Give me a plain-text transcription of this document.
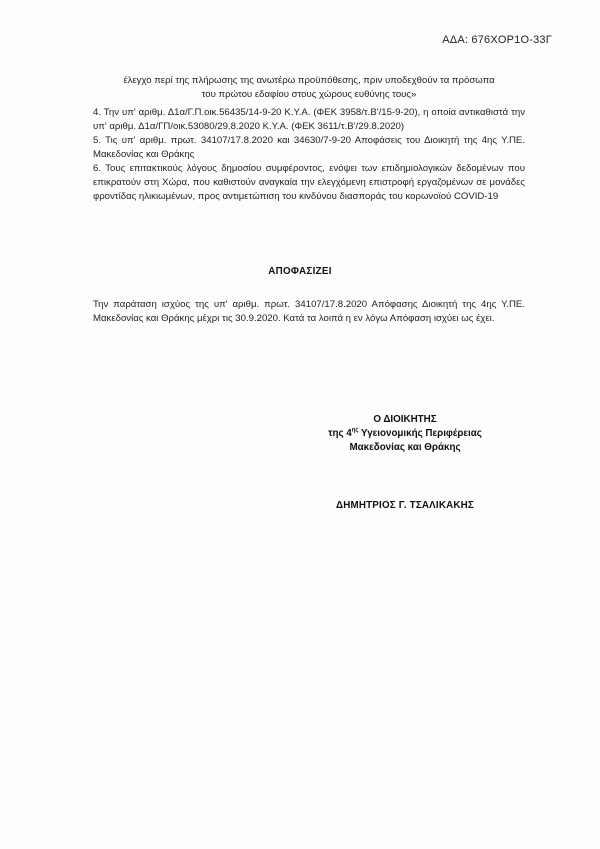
ΑΔΑ: 676ΧΟΡ1Ο-33Γ

έλεγχο περί της πλήρωσης της ανωτέρω προϋπόθεσης, πριν υποδεχθούν τα πρόσωπα

του πρώτου εδαφίου στους χώρους ευθύνης τους»

4. Την υπ' αριθμ. Δ1α/Γ.Π.οικ.56435/14-9-20 Κ.Υ.Α. (ΦΕΚ 3958/τ.Β'/15-9-20), η οποία αντικαθιστά την υπ' αριθμ. Δ1α/ΓΠ/οικ.53080/29.8.2020 Κ.Υ.Α. (ΦΕΚ 3611/τ.Β'/29.8.2020)

5. Τις υπ' αριθμ. πρωτ. 34107/17.8.2020 και 34630/7-9-20 Αποφάσεις του Διοικητή της 4ης Υ.ΠΕ. Μακεδονίας και Θράκης

6. Τους επιτακτικούς λόγους δημοσίου συμφέροντος, ενόψει των επιδημιολογικών δεδομένων που επικρατούν στη Χώρα, που καθιστούν αναγκαία την ελεγχόμενη επιστροφή εργαζομένων σε μονάδες φροντίδας ηλικιωμένων, προς αντιμετώπιση του κινδύνου διασποράς του κορωνοϊού COVID-19

ΑΠΟΦΑΣΙΖΕΙ

Την παράταση ισχύος της υπ' αριθμ. πρωτ. 34107/17.8.2020 Απόφασης Διοικητή της 4ης Υ.ΠΕ. Μακεδονίας και Θράκης μέχρι τις 30.9.2020. Κατά τα λοιπά η εν λόγω Απόφαση ισχύει ως έχει.

Ο ΔΙΟΙΚΗΤΗΣ
της $4^{\eta\varsigma}$ Υγειονομικής Περιφέρειας
Μακεδονίας και Θράκης
ΔΗΜΗΤΡΙΟΣ Γ. ΤΣΑΛΙΚΑΚΗΣ
